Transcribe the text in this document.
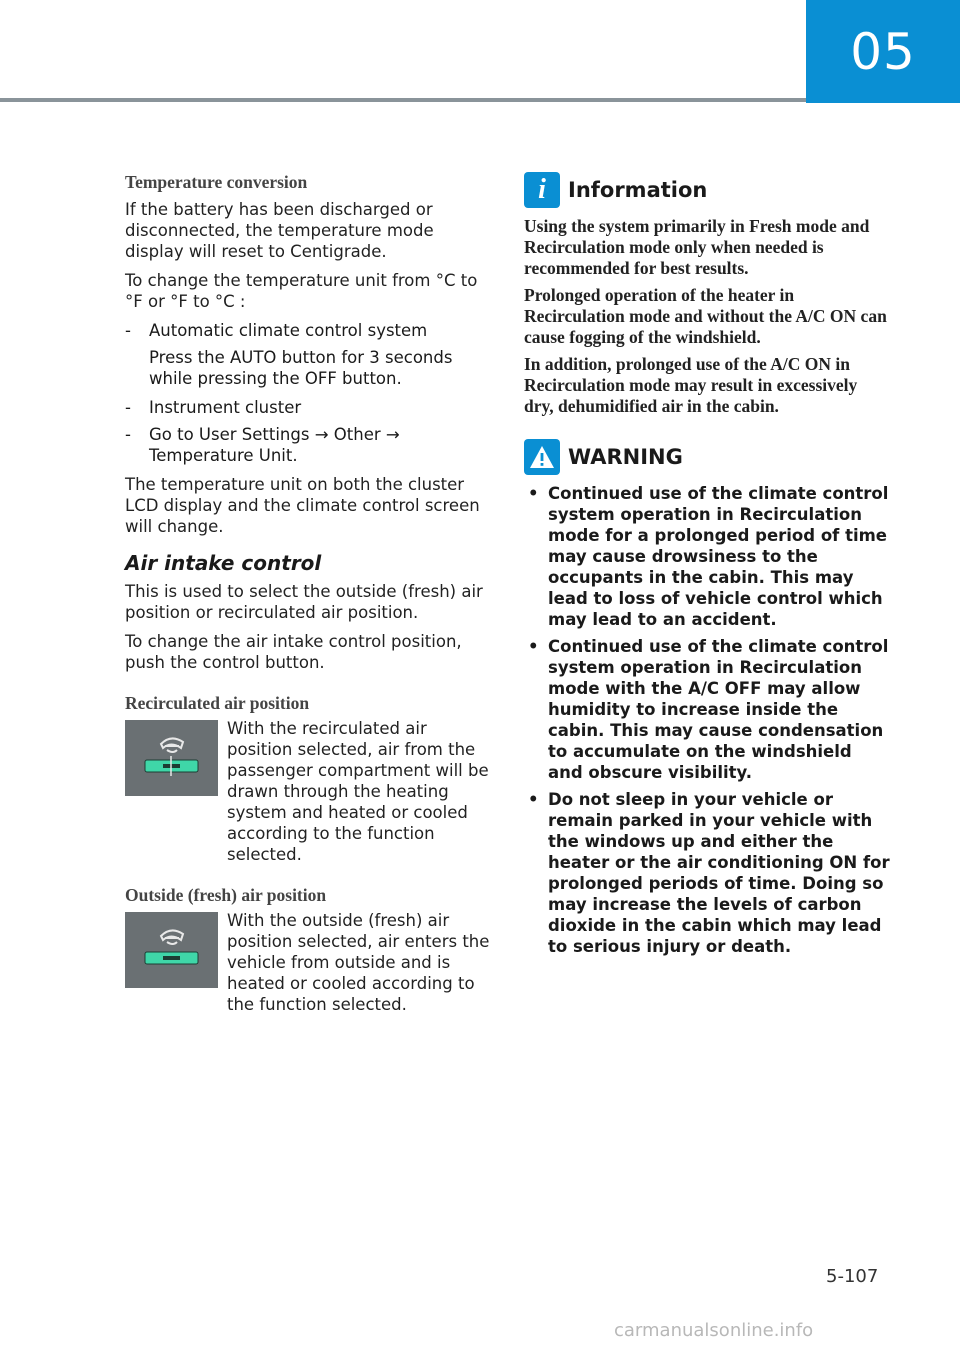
05
Temperature conversion

If the battery has been discharged or disconnected, the temperature mode display will reset to Centigrade.

To change the temperature unit from °C to °F or °F to °C :

- Automatic climate control system
Press the AUTO button for 3 seconds while pressing the OFF button.
- Instrument cluster
- Go to User Settings → Other → Temperature Unit.

The temperature unit on both the cluster LCD display and the climate control screen will change.

Air intake control

This is used to select the outside (fresh) air position or recirculated air position.

To change the air intake control position, push the control button.

Recirculated air position
With the recirculated air position selected, air from the passenger compartment will be drawn through the heating system and heated or cooled according to the function selected.
Outside (fresh) air position
With the outside (fresh) air position selected, air enters the vehicle from outside and is heated or cooled according to the function selected.
i	Information
Using the system primarily in Fresh mode and Recirculation mode only when needed is recommended for best results.
Prolonged operation of the heater in Recirculation mode and without the A/C ON can cause fogging of the windshield.
In addition, prolonged use of the A/C ON in Recirculation mode may result in excessively dry, dehumidified air in the cabin.
WARNING
• Continued use of the climate control system operation in Recirculation mode for a prolonged period of time may cause drowsiness to the occupants in the cabin. This may lead to loss of vehicle control which may lead to an accident.
• Continued use of the climate control system operation in Recirculation mode with the A/C OFF may allow humidity to increase inside the cabin. This may cause condensation to accumulate on the windshield and obscure visibility.
• Do not sleep in your vehicle or remain parked in your vehicle with the windows up and either the heater or the air conditioning ON for prolonged periods of time. Doing so may increase the levels of carbon dioxide in the cabin which may lead to serious injury or death.
5-107
carmanualsonline.info
